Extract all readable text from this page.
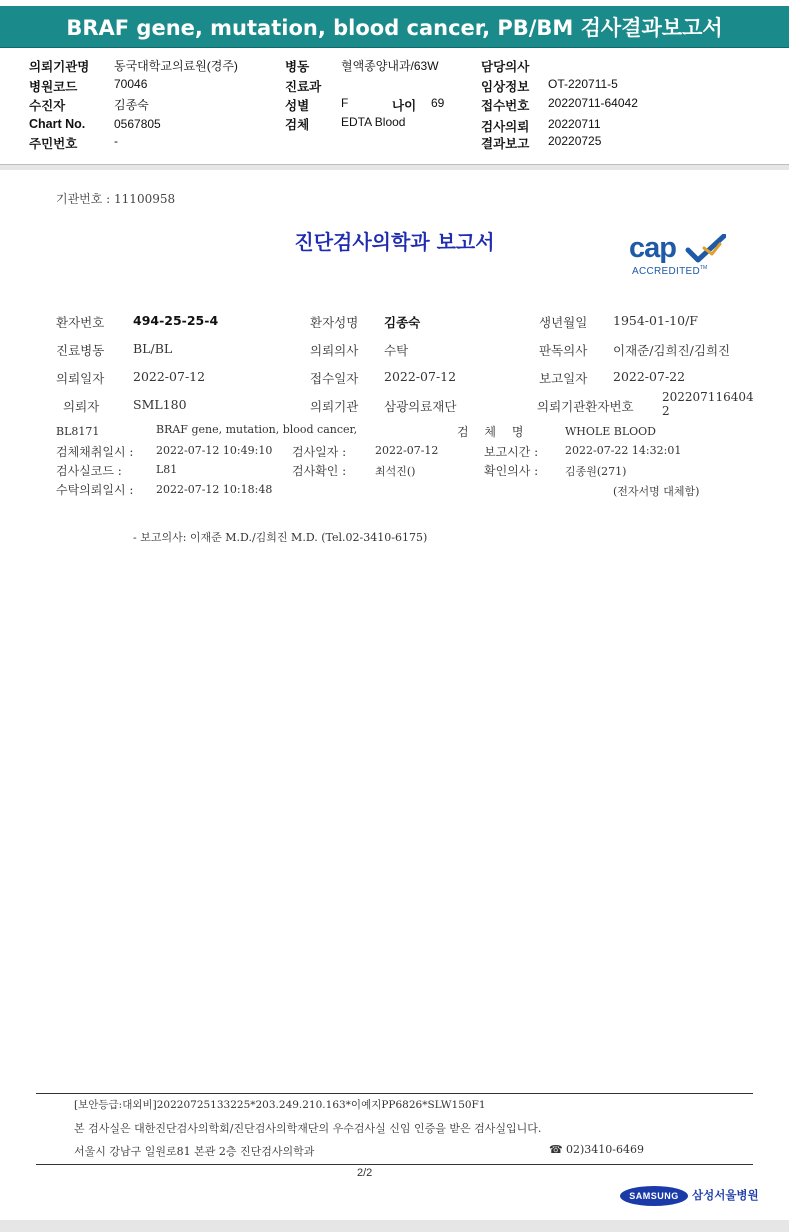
BRAF gene, mutation, blood cancer, PB/BM 검사결과보고서
의뢰기관명 동국대학교의료원(경주)
병원코드	70046
수진자	김종숙
Chart No. 0567805
주민번호	-
병동	혈액종양내과/63W
진료과
성별	F	나이 69
검체	EDTA Blood
담당의사
임상정보 OT-220711-5
접수번호 20220711-64042
검사의뢰 20220711
결과보고 20220725
기관번호 : 11100958
진단검사의학과 보고서	cap
ACCREDITED TM
환자번호 494-25-25-4	환자성명 김종숙	생년월일 1954-01-10/F
진료병동 BL/BL	의뢰의사 수탁	판독의사 이재준/김희진/김희진
의뢰일자 2022-07-12	접수일자 2022-07-12	보고일자 2022-07-22
의뢰자	SML180	의뢰기관 삼광의료재단	의뢰기관환자번호
202207116404
2
BL8171	BRAF gene, mutation, blood cancer,	검 체 명	WHOLE BLOOD
검체채취일시 : 2022-07-12 10:49:10 검사일자 :	2022-07-12	보고시간 : 2022-07-22 14:32:01
검사실코드 :	L81	검사확인 :	최석진()	확인의사 : 김종원(271)
수탁의뢰일시 : 2022-07-12 10:18:48	(전자서명 대체함)
- 보고의사: 이재준 M.D./김희진 M.D. (Tel.02-3410-6175)
[보안등급:대외비]20220725133225*203.249.210.163*이예지PP6826*SLW150F1
본 검사실은 대한진단검사의학회/진단검사의학재단의 우수검사실 신임 인증을 받은 검사실입니다.
서울시 강남구 일원로81 본관 2층 진단검사의학과	☎ 02)3410-6469
2/2
SAMSUNG 삼성서울병원
